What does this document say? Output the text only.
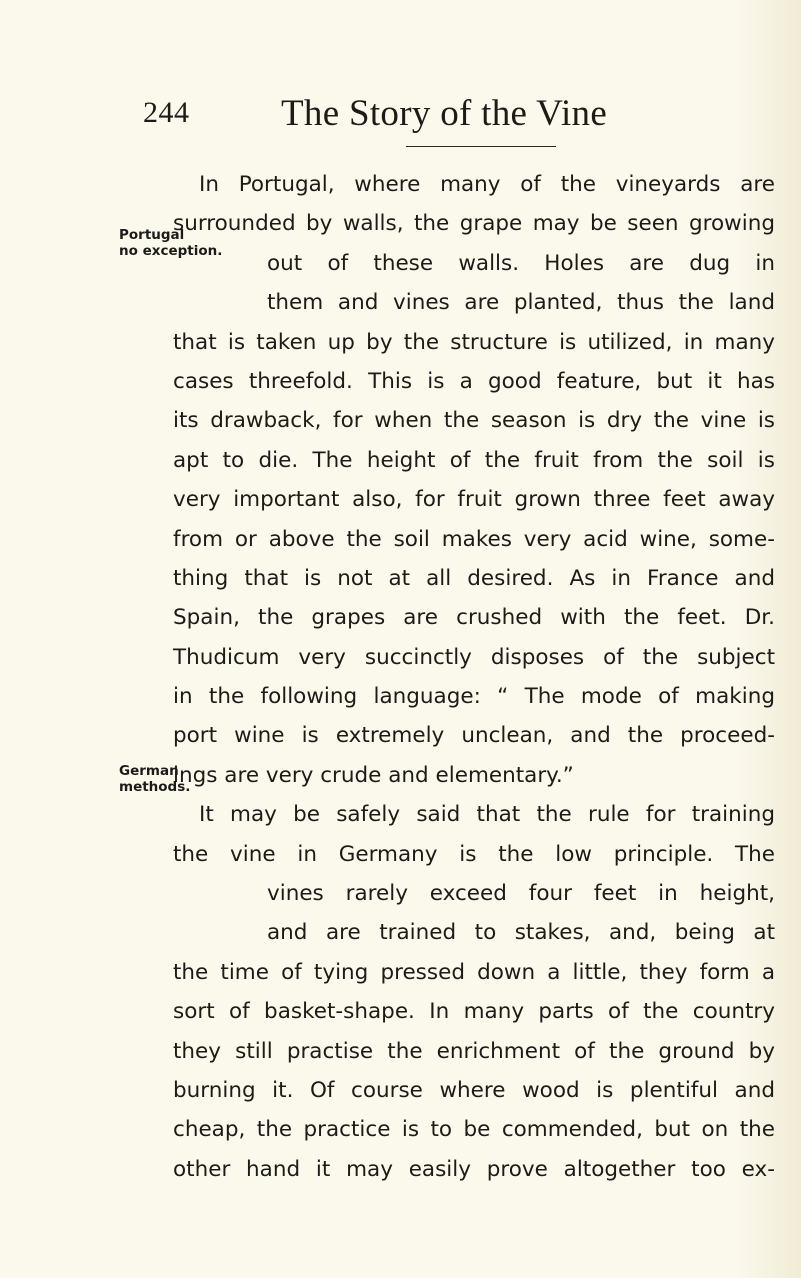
244 The Story of the Vine
Portugal
no exception.
German
methods.
In Portugal, where many of the vineyards are
surrounded by walls, the grape may be seen growing
out of these walls. Holes are dug in
them and vines are planted, thus the land
that is taken up by the structure is utilized, in many
cases threefold. This is a good feature, but it has
its drawback, for when the season is dry the vine is
apt to die. The height of the fruit from the soil is
very important also, for fruit grown three feet away
from or above the soil makes very acid wine, some-
thing that is not at all desired. As in France and
Spain, the grapes are crushed with the feet. Dr.
Thudicum very succinctly disposes of the subject
in the following language: “ The mode of making
port wine is extremely unclean, and the proceed-
ings are very crude and elementary.”
It may be safely said that the rule for training
the vine in Germany is the low principle. The
vines rarely exceed four feet in height,
and are trained to stakes, and, being at
the time of tying pressed down a little, they form a
sort of basket-shape. In many parts of the country
they still practise the enrichment of the ground by
burning it. Of course where wood is plentiful and
cheap, the practice is to be commended, but on the
other hand it may easily prove altogether too ex-
